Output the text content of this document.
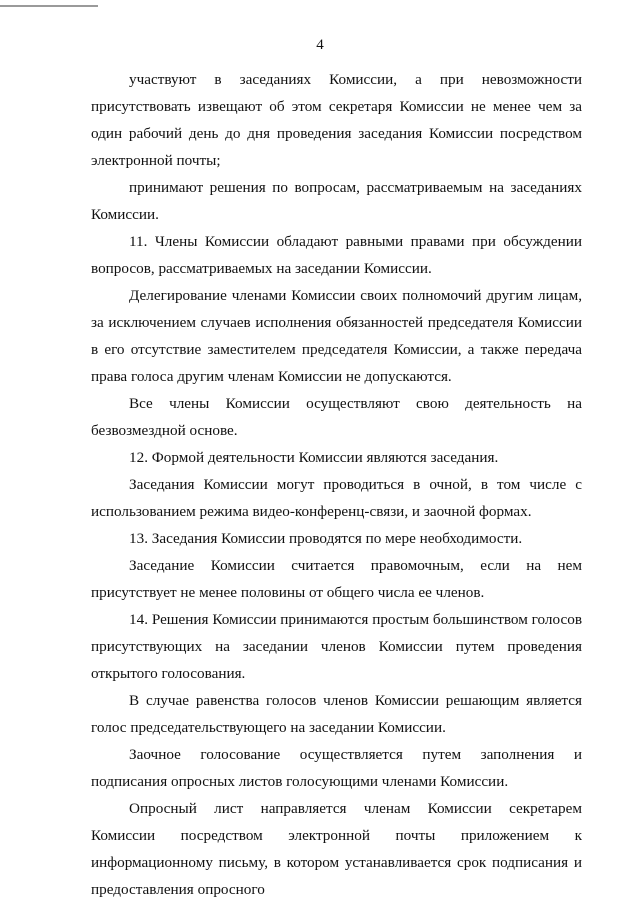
4

участвуют в заседаниях Комиссии, а при невозможности присутствовать извещают об этом секретаря Комиссии не менее чем за один рабочий день до дня проведения заседания Комиссии посредством электронной почты;

принимают решения по вопросам, рассматриваемым на заседаниях Комиссии.

11. Члены Комиссии обладают равными правами при обсуждении вопросов, рассматриваемых на заседании Комиссии.

Делегирование членами Комиссии своих полномочий другим лицам, за исключением случаев исполнения обязанностей председателя Комиссии в его отсутствие заместителем председателя Комиссии, а также передача права голоса другим членам Комиссии не допускаются.

Все члены Комиссии осуществляют свою деятельность на безвозмездной основе.

12. Формой деятельности Комиссии являются заседания.

Заседания Комиссии могут проводиться в очной, в том числе с использованием режима видео-конференц-связи, и заочной формах.

13. Заседания Комиссии проводятся по мере необходимости.

Заседание Комиссии считается правомочным, если на нем присутствует не менее половины от общего числа ее членов.

14. Решения Комиссии принимаются простым большинством голосов присутствующих на заседании членов Комиссии путем проведения открытого голосования.

В случае равенства голосов членов Комиссии решающим является голос председательствующего на заседании Комиссии.

Заочное голосование осуществляется путем заполнения и подписания опросных листов голосующими членами Комиссии.

Опросный лист направляется членам Комиссии секретарем Комиссии посредством электронной почты приложением к информационному письму, в котором устанавливается срок подписания и предоставления опросного
